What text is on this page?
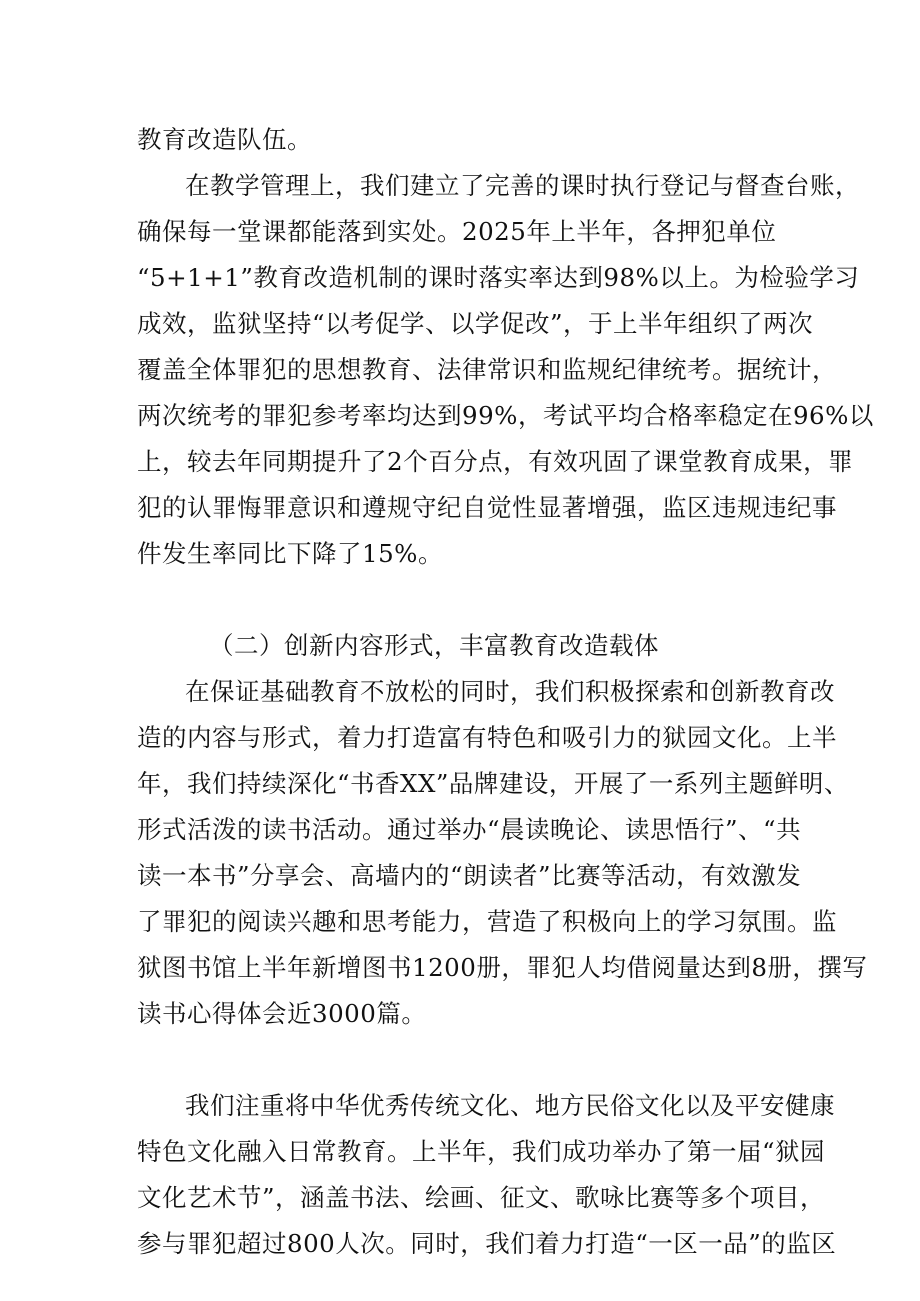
教育改造队伍。
在教学管理上，我们建立了完善的课时执行登记与督查台账，
确保每一堂课都能落到实处。2025年上半年，各押犯单位
“5+1+1”教育改造机制的课时落实率达到98%以上。为检验学习
成效，监狱坚持“以考促学、以学促改”，于上半年组织了两次
覆盖全体罪犯的思想教育、法律常识和监规纪律统考。据统计，
两次统考的罪犯参考率均达到99%，考试平均合格率稳定在96%以
上，较去年同期提升了2个百分点，有效巩固了课堂教育成果，罪
犯的认罪悔罪意识和遵规守纪自觉性显著增强，监区违规违纪事
件发生率同比下降了15%。
（二）创新内容形式，丰富教育改造载体
在保证基础教育不放松的同时，我们积极探索和创新教育改
造的内容与形式，着力打造富有特色和吸引力的狱园文化。上半
年，我们持续深化“书香XX”品牌建设，开展了一系列主题鲜明、
形式活泼的读书活动。通过举办“晨读晚论、读思悟行”、“共
读一本书”分享会、高墙内的“朗读者”比赛等活动，有效激发
了罪犯的阅读兴趣和思考能力，营造了积极向上的学习氛围。监
狱图书馆上半年新增图书1200册，罪犯人均借阅量达到8册，撰写
读书心得体会近3000篇。
我们注重将中华优秀传统文化、地方民俗文化以及平安健康
特色文化融入日常教育。上半年，我们成功举办了第一届“狱园
文化艺术节”，涵盖书法、绘画、征文、歌咏比赛等多个项目，
参与罪犯超过800人次。同时，我们着力打造“一区一品”的监区
